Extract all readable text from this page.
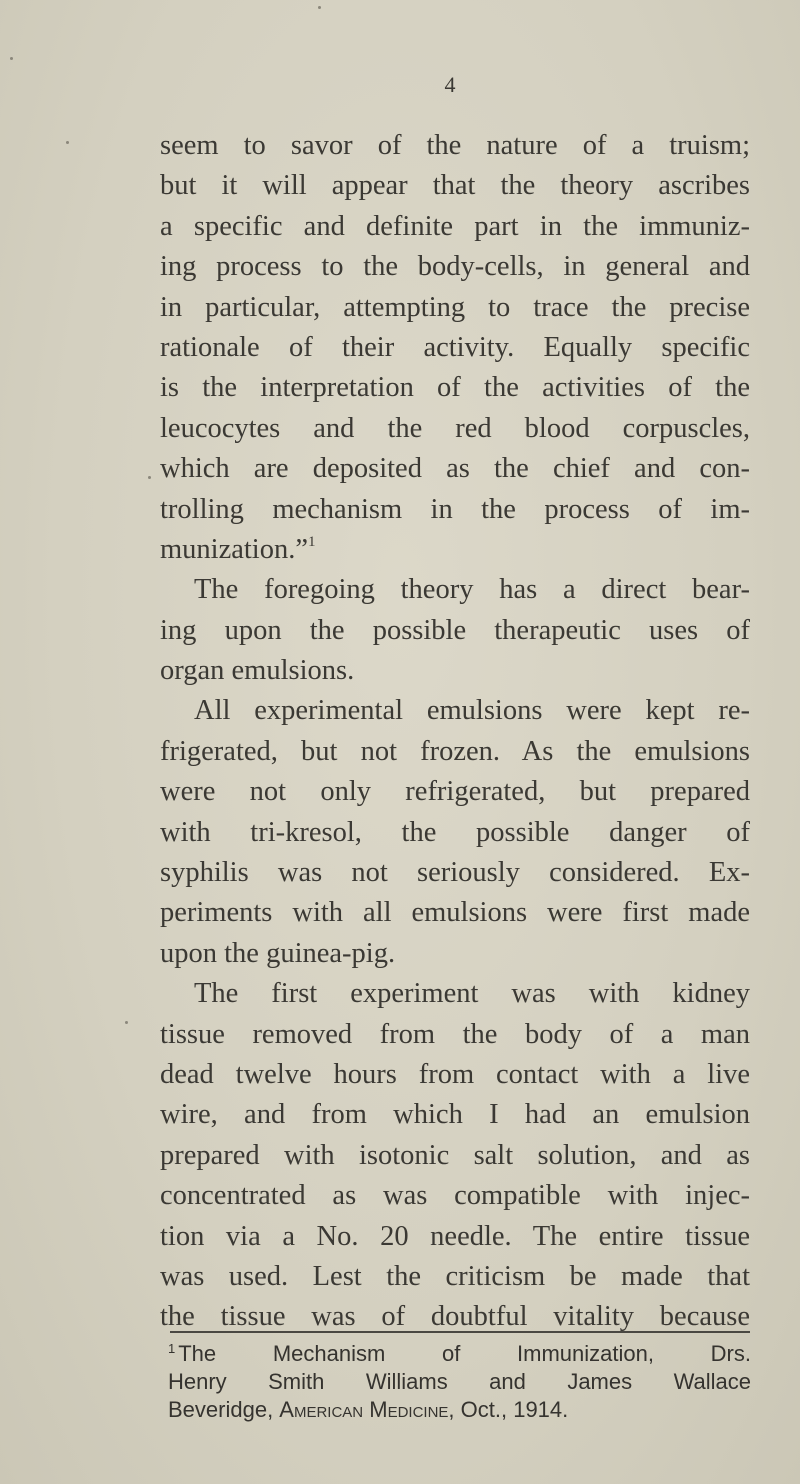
4
seem to savor of the nature of a truism;
but it will appear that the theory ascribes
a specific and definite part in the immuniz-
ing process to the body-cells, in general and
in particular, attempting to trace the precise
rationale of their activity. Equally specific
is the interpretation of the activities of the
leucocytes and the red blood corpuscles,
which are deposited as the chief and con-
trolling mechanism in the process of im-
munization.”$^1$
The foregoing theory has a direct bear-
ing upon the possible therapeutic uses of
organ emulsions.
All experimental emulsions were kept re-
frigerated, but not frozen. As the emulsions
were not only refrigerated, but prepared
with tri-kresol, the possible danger of
syphilis was not seriously considered. Ex-
periments with all emulsions were first made
upon the guinea-pig.
The first experiment was with kidney
tissue removed from the body of a man
dead twelve hours from contact with a live
wire, and from which I had an emulsion
prepared with isotonic salt solution, and as
concentrated as was compatible with injec-
tion via a No. 20 needle. The entire tissue
was used. Lest the criticism be made that
the tissue was of doubtful vitality because
$^1$ The Mechanism of Immunization, Drs.
Henry Smith Williams and James Wallace
Beveridge, American Medicine, Oct., 1914.
